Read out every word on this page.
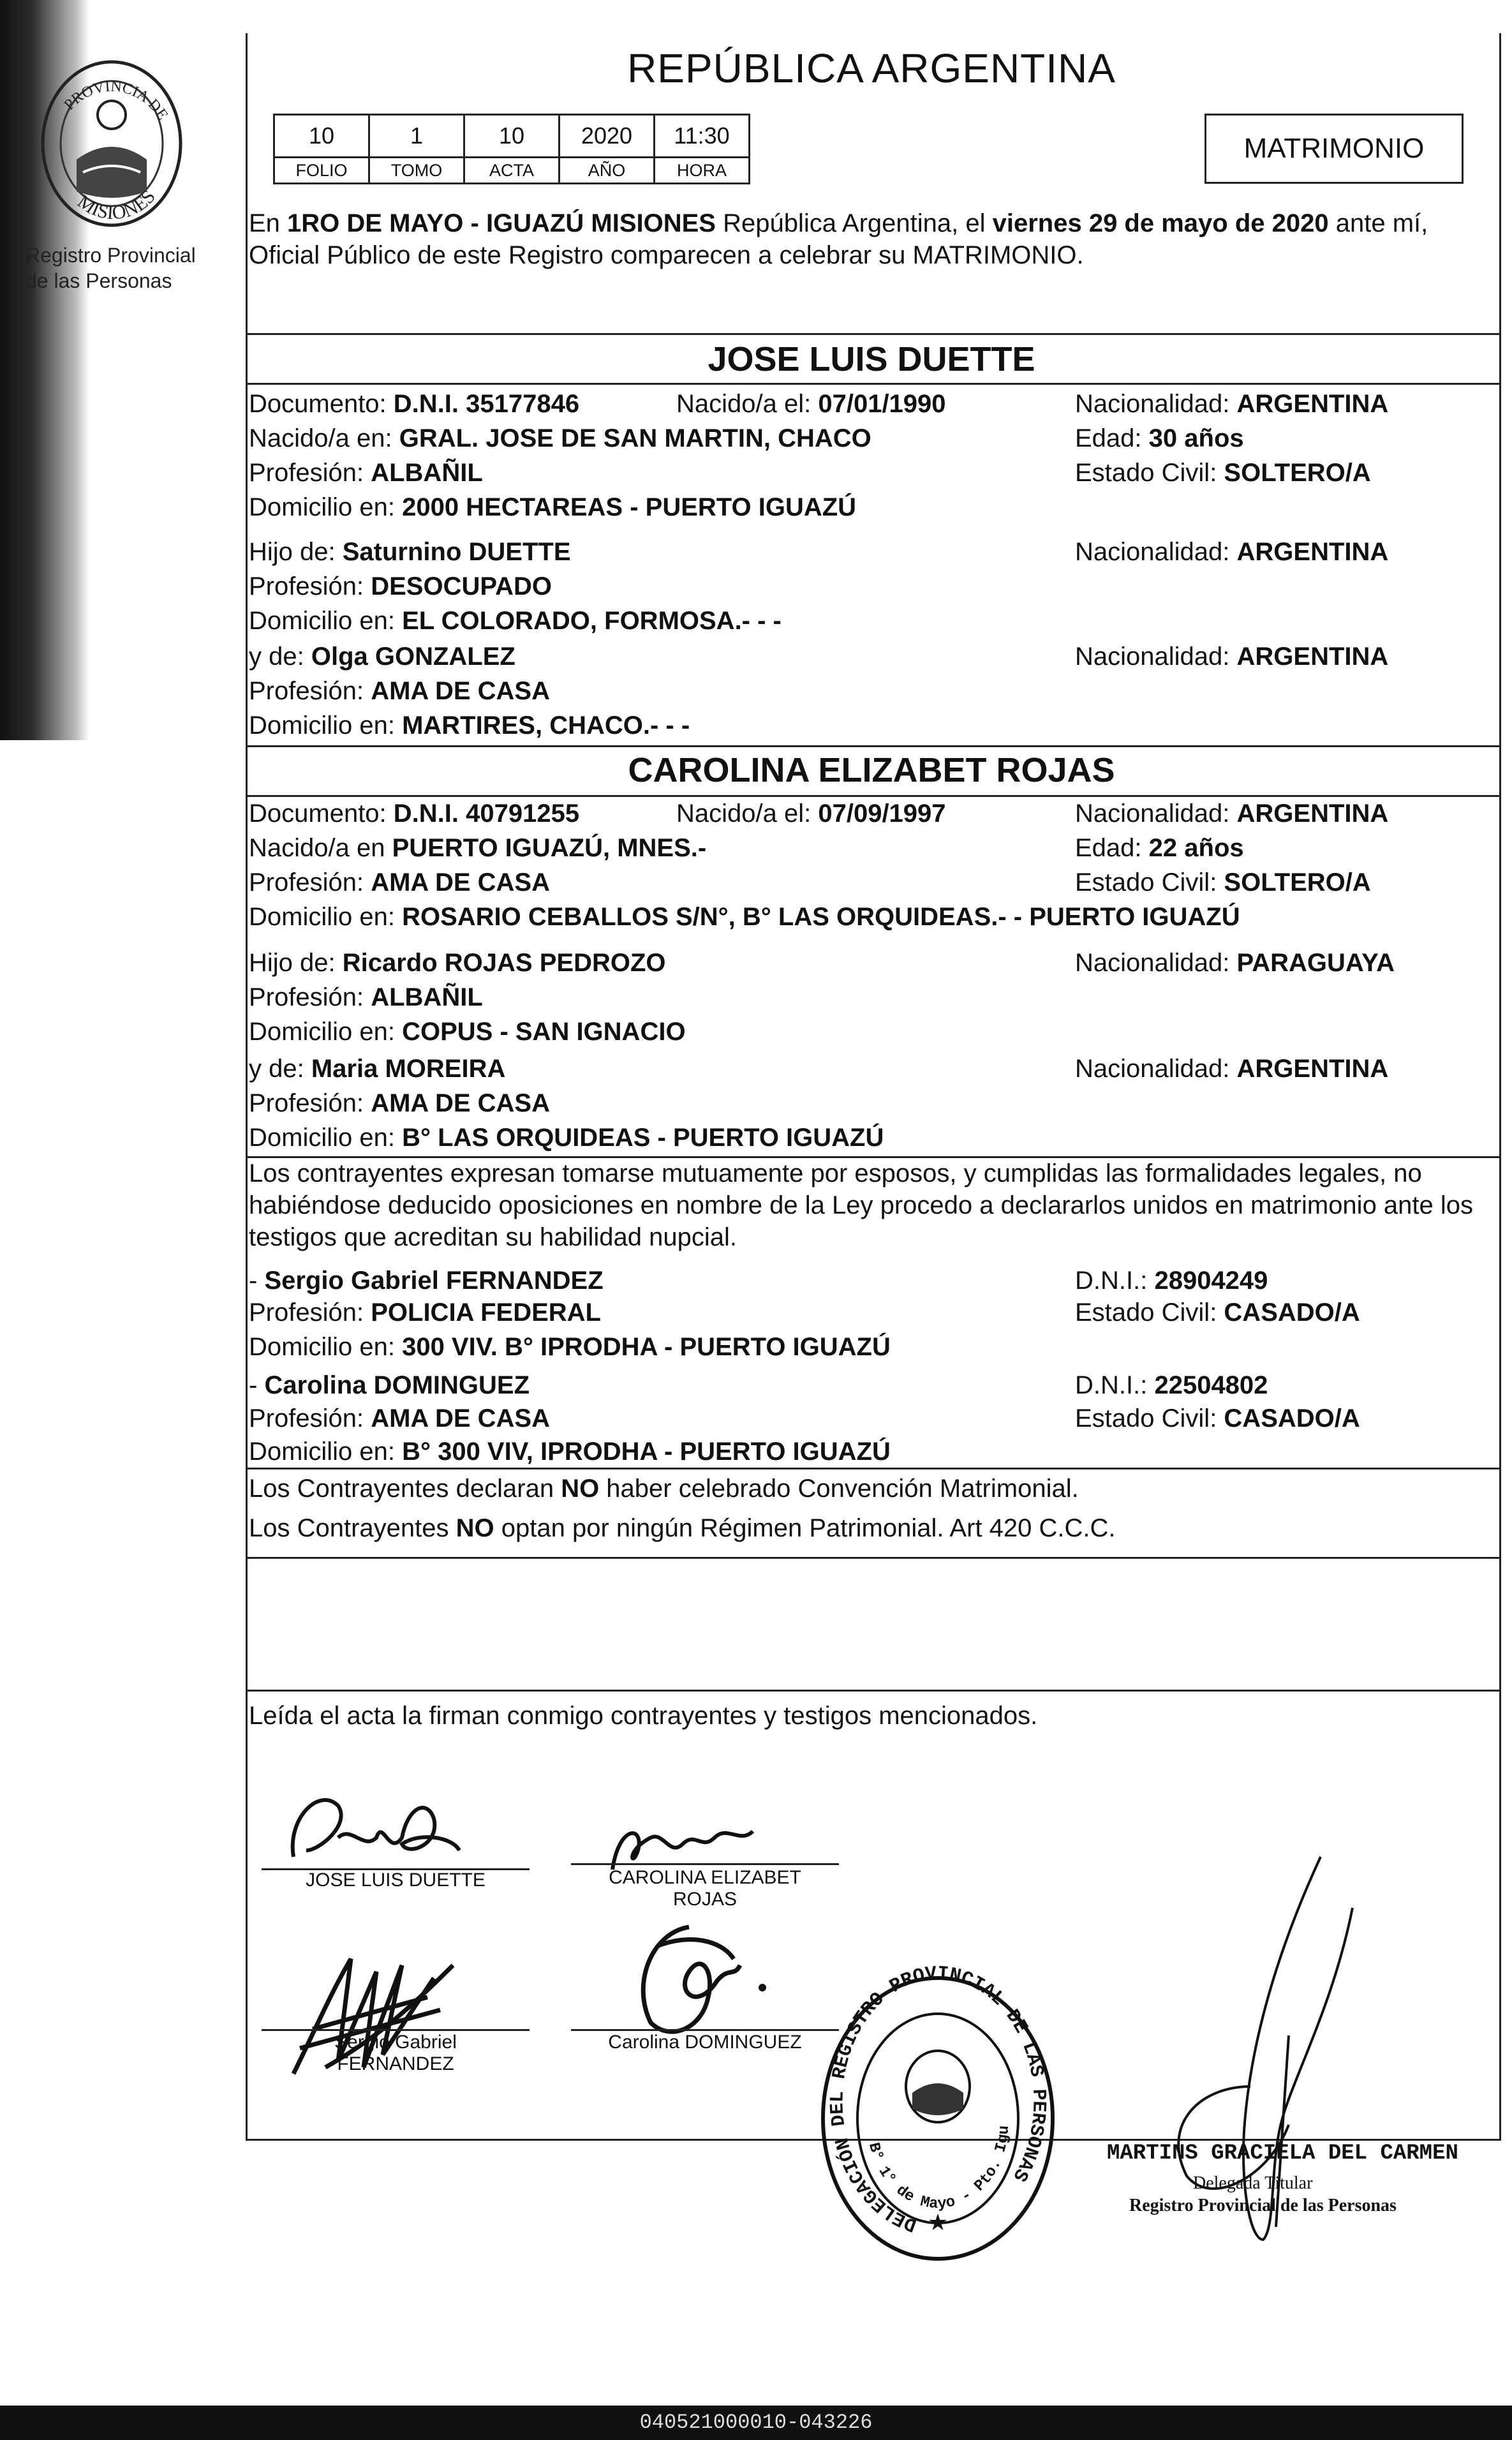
PROVINCIA DE
MISIONES
Registro Provincial
de las Personas
REPÚBLICA ARGENTINA
10	1	10	2020	11:30
FOLIO	TOMO	ACTA	AÑO	HORA
MATRIMONIO
En 1RO DE MAYO - IGUAZÚ MISIONES República Argentina, el viernes 29 de mayo de 2020 ante mí, Oficial Público de este Registro comparecen a celebrar su MATRIMONIO.
JOSE LUIS DUETTE
Documento: D.N.I. 35177846	Nacido/a el: 07/01/1990	Nacionalidad: ARGENTINA
Nacido/a en: GRAL. JOSE DE SAN MARTIN, CHACO	Edad: 30 años
Profesión: ALBAÑIL	Estado Civil: SOLTERO/A
Domicilio en: 2000 HECTAREAS - PUERTO IGUAZÚ
Hijo de: Saturnino DUETTE	Nacionalidad: ARGENTINA
Profesión: DESOCUPADO
Domicilio en: EL COLORADO, FORMOSA.- - -
y de: Olga GONZALEZ	Nacionalidad: ARGENTINA
Profesión: AMA DE CASA
Domicilio en: MARTIRES, CHACO.- - -
CAROLINA ELIZABET ROJAS
Documento: D.N.I. 40791255	Nacido/a el: 07/09/1997	Nacionalidad: ARGENTINA
Nacido/a en PUERTO IGUAZÚ, MNES.-	Edad: 22 años
Profesión: AMA DE CASA	Estado Civil: SOLTERO/A
Domicilio en: ROSARIO CEBALLOS S/N°, B° LAS ORQUIDEAS.- - PUERTO IGUAZÚ
Hijo de: Ricardo ROJAS PEDROZO	Nacionalidad: PARAGUAYA
Profesión: ALBAÑIL
Domicilio en: COPUS - SAN IGNACIO
y de: Maria MOREIRA	Nacionalidad: ARGENTINA
Profesión: AMA DE CASA
Domicilio en: B° LAS ORQUIDEAS - PUERTO IGUAZÚ
Los contrayentes expresan tomarse mutuamente por esposos, y cumplidas las formalidades legales, no habiéndose deducido oposiciones en nombre de la Ley procedo a declararlos unidos en matrimonio ante los testigos que acreditan su habilidad nupcial.
- Sergio Gabriel FERNANDEZ	D.N.I.: 28904249
Profesión: POLICIA FEDERAL	Estado Civil: CASADO/A
Domicilio en: 300 VIV. B° IPRODHA - PUERTO IGUAZÚ
- Carolina DOMINGUEZ	D.N.I.: 22504802
Profesión: AMA DE CASA	Estado Civil: CASADO/A
Domicilio en: B° 300 VIV, IPRODHA - PUERTO IGUAZÚ
Los Contrayentes declaran NO haber celebrado Convención Matrimonial.
Los Contrayentes NO optan por ningún Régimen Patrimonial. Art 420 C.C.C.
Leída el acta la firman conmigo contrayentes y testigos mencionados.
JOSE LUIS DUETTE	CAROLINA ELIZABET
ROJAS
Sergio Gabriel
FERNANDEZ
Carolina DOMINGUEZ
DELEGACIÓN DEL REGISTRO PROVINCIAL DE LAS PERSONAS
B° 1° de Mayo - Pto. Iguazú
★
MARTINS GRACIELA DEL CARMEN
Delegada Titular
Registro Provincial de las Personas
040521000010-043226
